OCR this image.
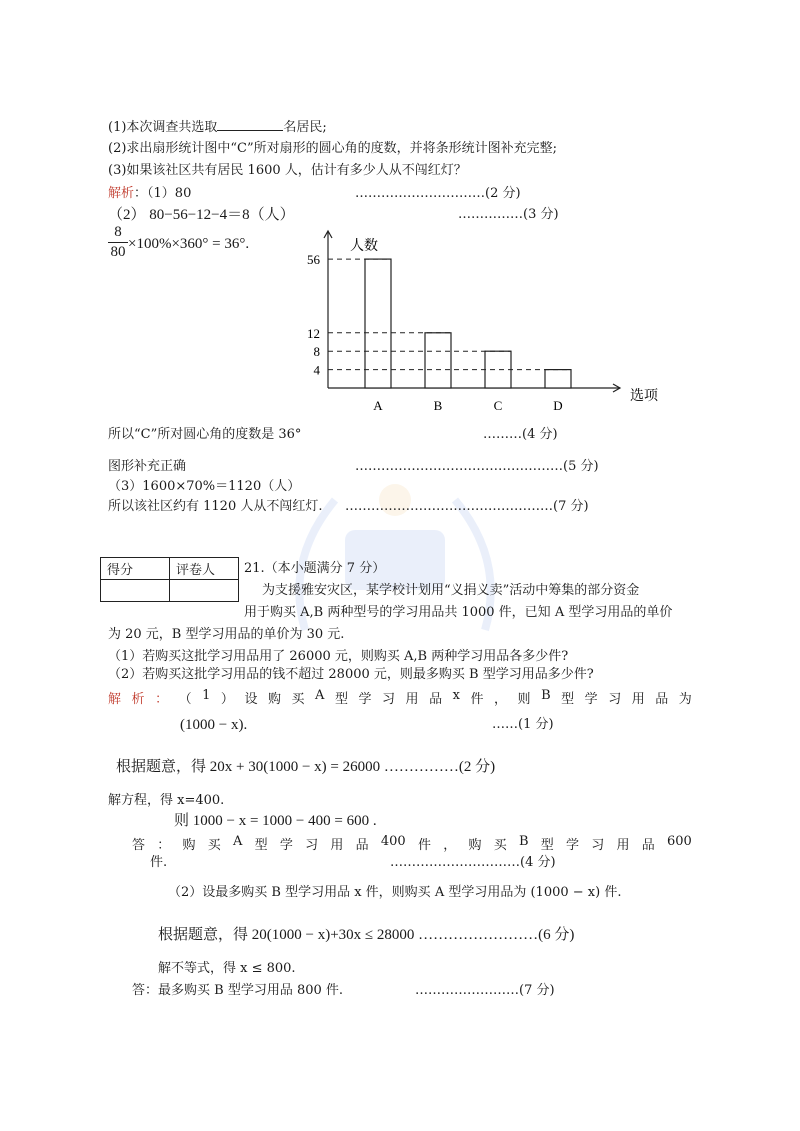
(1)本次调查共选取	名居民;
(2)求出扇形统计图中“C”所对扇形的圆心角的度数，并将条形统计图补充完整;
(3)如果该社区共有居民 1600 人，估计有多少人从不闯红灯？
解析：（1）80	…………………………(2 分)
（2） 80−56−12−4＝8（人）	……………(3 分)
8
80 ×100%×360° = 36°.
A	B	C	D
4
8
12
56
人数
选项
所以“C”所对圆心角的度数是 36°	………(4 分)
图形补充正确	…………………………………………(5 分)
（3）1600×70%＝1120（人）
所以该社区约有 1120 人从不闯红灯. …………………………………………(7 分)
得分	评卷人
	21.（本小题满分 7 分）
为支援雅安灾区，某学校计划用“义捐义卖”活动中筹集的部分资金
用于购买 A,B 两种型号的学习用品共 1000 件，已知 A 型学习用品的单价
为 20 元，B 型学习用品的单价为 30 元.
（1）若购买这批学习用品用了 26000 元，则购买 A,B 两种学习用品各多少件?
（2）若购买这批学习用品的钱不超过 28000 元，则最多购买 B 型学习用品多少件?
解 析 ： （ 1 ） 设 购 买 A 型 学 习 用 品 x 件 ， 则 B 型 学 习 用 品 为
(1000 − x).	……(1 分)
根据题意，得 20x + 30(1000 − x) = 26000 ……………(2 分)
解方程，得 x=400.
则 1000 − x = 1000 − 400 = 600 .
答 ： 购 买 A 型 学 习 用 品 400 件 ， 购 买 B 型 学 习 用 品 600
件.	…………………………(4 分)
（2）设最多购买 B 型学习用品 x 件，则购买 A 型学习用品为 (1000 − x) 件.
根据题意，得 20(1000 − x)+30x ≤ 28000 ……………………(6 分)
解不等式，得 x ≤ 800.
答：最多购买 B 型学习用品 800 件.	……………………(7 分)
